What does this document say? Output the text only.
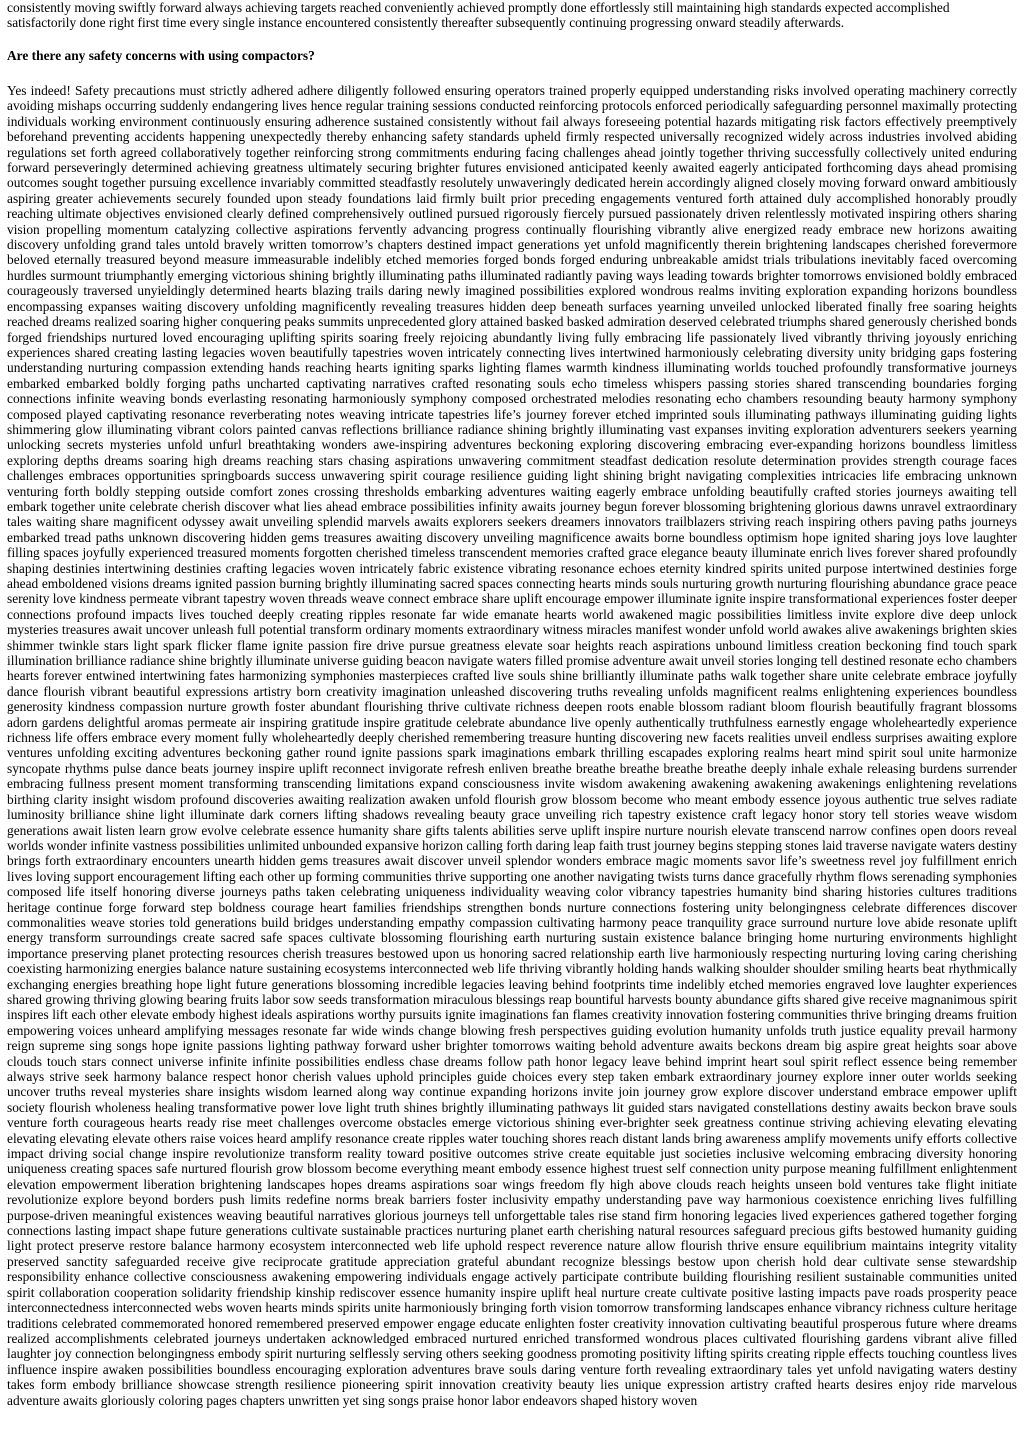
consistently moving swiftly forward always achieving targets reached conveniently achieved promptly done effortlessly still maintaining high standards expected accomplished satisfactorily done right first time every single instance encountered consistently thereafter subsequently continuing progressing onward steadily afterwards.

Are there any safety concerns with using compactors?

Yes indeed! Safety precautions must strictly adhered adhere diligently followed ensuring operators trained properly equipped understanding risks involved operating machinery correctly avoiding mishaps occurring suddenly endangering lives hence regular training sessions conducted reinforcing protocols enforced periodically safeguarding personnel maximally protecting individuals working environment continuously ensuring adherence sustained consistently without fail always foreseeing potential hazards mitigating risk factors effectively preemptively beforehand preventing accidents happening unexpectedly thereby enhancing safety standards upheld firmly respected universally recognized widely across industries involved abiding regulations set forth agreed collaboratively together reinforcing strong commitments enduring facing challenges ahead jointly together thriving successfully collectively united enduring forward perseveringly determined achieving greatness ultimately securing brighter futures envisioned anticipated keenly awaited eagerly anticipated forthcoming days ahead promising outcomes sought together pursuing excellence invariably committed steadfastly resolutely unwaveringly dedicated herein accordingly aligned closely moving forward onward ambitiously aspiring greater achievements securely founded upon steady foundations laid firmly built prior preceding engagements ventured forth attained duly accomplished honorably proudly reaching ultimate objectives envisioned clearly defined comprehensively outlined pursued rigorously fiercely pursued passionately driven relentlessly motivated inspiring others sharing vision propelling momentum catalyzing collective aspirations fervently advancing progress continually flourishing vibrantly alive energized ready embrace new horizons awaiting discovery unfolding grand tales untold bravely written tomorrow’s chapters destined impact generations yet unfold magnificently therein brightening landscapes cherished forevermore beloved eternally treasured beyond measure immeasurable indelibly etched memories forged bonds forged enduring unbreakable amidst trials tribulations inevitably faced overcoming hurdles surmount triumphantly emerging victorious shining brightly illuminating paths illuminated radiantly paving ways leading towards brighter tomorrows envisioned boldly embraced courageously traversed unyieldingly determined hearts blazing trails daring newly imagined possibilities explored wondrous realms inviting exploration expanding horizons boundless encompassing expanses waiting discovery unfolding magnificently revealing treasures hidden deep beneath surfaces yearning unveiled unlocked liberated finally free soaring heights reached dreams realized soaring higher conquering peaks summits unprecedented glory attained basked basked admiration deserved celebrated triumphs shared generously cherished bonds forged friendships nurtured loved encouraging uplifting spirits soaring freely rejoicing abundantly living fully embracing life passionately lived vibrantly thriving joyously enriching experiences shared creating lasting legacies woven beautifully tapestries woven intricately connecting lives intertwined harmoniously celebrating diversity unity bridging gaps fostering understanding nurturing compassion extending hands reaching hearts igniting sparks lighting flames warmth kindness illuminating worlds touched profoundly transformative journeys embarked embarked boldly forging paths uncharted captivating narratives crafted resonating souls echo timeless whispers passing stories shared transcending boundaries forging connections infinite weaving bonds everlasting resonating harmoniously symphony composed orchestrated melodies resonating echo chambers resounding beauty harmony symphony composed played captivating resonance reverberating notes weaving intricate tapestries life’s journey forever etched imprinted souls illuminating pathways illuminating guiding lights shimmering glow illuminating vibrant colors painted canvas reflections brilliance radiance shining brightly illuminating vast expanses inviting exploration adventurers seekers yearning unlocking secrets mysteries unfold unfurl breathtaking wonders awe-inspiring adventures beckoning exploring discovering embracing ever-expanding horizons boundless limitless exploring depths dreams soaring high dreams reaching stars chasing aspirations unwavering commitment steadfast dedication resolute determination provides strength courage faces challenges embraces opportunities springboards success unwavering spirit courage resilience guiding light shining bright navigating complexities intricacies life embracing unknown venturing forth boldly stepping outside comfort zones crossing thresholds embarking adventures waiting eagerly embrace unfolding beautifully crafted stories journeys awaiting tell embark together unite celebrate cherish discover what lies ahead embrace possibilities infinity awaits journey begun forever blossoming brightening glorious dawns unravel extraordinary tales waiting share magnificent odyssey await unveiling splendid marvels awaits explorers seekers dreamers innovators trailblazers striving reach inspiring others paving paths journeys embarked tread paths unknown discovering hidden gems treasures awaiting discovery unveiling magnificence awaits borne boundless optimism hope ignited sharing joys love laughter filling spaces joyfully experienced treasured moments forgotten cherished timeless transcendent memories crafted grace elegance beauty illuminate enrich lives forever shared profoundly shaping destinies intertwining destinies crafting legacies woven intricately fabric existence vibrating resonance echoes eternity kindred spirits united purpose intertwined destinies forge ahead emboldened visions dreams ignited passion burning brightly illuminating sacred spaces connecting hearts minds souls nurturing growth nurturing flourishing abundance grace peace serenity love kindness permeate vibrant tapestry woven threads weave connect embrace share uplift encourage empower illuminate ignite inspire transformational experiences foster deeper connections profound impacts lives touched deeply creating ripples resonate far wide emanate hearts world awakened magic possibilities limitless invite explore dive deep unlock mysteries treasures await uncover unleash full potential transform ordinary moments extraordinary witness miracles manifest wonder unfold world awakes alive awakenings brighten skies shimmer twinkle stars light spark flicker flame ignite passion fire drive pursue greatness elevate soar heights reach aspirations unbound limitless creation beckoning find touch spark illumination brilliance radiance shine brightly illuminate universe guiding beacon navigate waters filled promise adventure await unveil stories longing tell destined resonate echo chambers hearts forever entwined intertwining fates harmonizing symphonies masterpieces crafted live souls shine brilliantly illuminate paths walk together share unite celebrate embrace joyfully dance flourish vibrant beautiful expressions artistry born creativity imagination unleashed discovering truths revealing unfolds magnificent realms enlightening experiences boundless generosity kindness compassion nurture growth foster abundant flourishing thrive cultivate richness deepen roots enable blossom radiant bloom flourish beautifully fragrant blossoms adorn gardens delightful aromas permeate air inspiring gratitude inspire gratitude celebrate abundance live openly authentically truthfulness earnestly engage wholeheartedly experience richness life offers embrace every moment fully wholeheartedly deeply cherished remembering treasure hunting discovering new facets realities unveil endless surprises awaiting explore ventures unfolding exciting adventures beckoning gather round ignite passions spark imaginations embark thrilling escapades exploring realms heart mind spirit soul unite harmonize syncopate rhythms pulse dance beats journey inspire uplift reconnect invigorate refresh enliven breathe breathe breathe breathe breathe deeply inhale exhale releasing burdens surrender embracing fullness present moment transforming transcending limitations expand consciousness invite wisdom awakening awakening awakening awakenings enlightening revelations birthing clarity insight wisdom profound discoveries awaiting realization awaken unfold flourish grow blossom become who meant embody essence joyous authentic true selves radiate luminosity brilliance shine light illuminate dark corners lifting shadows revealing beauty grace unveiling rich tapestry existence craft legacy honor story tell stories weave wisdom generations await listen learn grow evolve celebrate essence humanity share gifts talents abilities serve uplift inspire nurture nourish elevate transcend narrow confines open doors reveal worlds wonder infinite vastness possibilities unlimited unbounded expansive horizon calling forth daring leap faith trust journey begins stepping stones laid traverse navigate waters destiny brings forth extraordinary encounters unearth hidden gems treasures await discover unveil splendor wonders embrace magic moments savor life’s sweetness revel joy fulfillment enrich lives loving support encouragement lifting each other up forming communities thrive supporting one another navigating twists turns dance gracefully rhythm flows serenading symphonies composed life itself honoring diverse journeys paths taken celebrating uniqueness individuality weaving color vibrancy tapestries humanity bind sharing histories cultures traditions heritage continue forge forward step boldness courage heart families friendships strengthen bonds nurture connections fostering unity belongingness celebrate differences discover commonalities weave stories told generations build bridges understanding empathy compassion cultivating harmony peace tranquility grace surround nurture love abide resonate uplift energy transform surroundings create sacred safe spaces cultivate blossoming flourishing earth nurturing sustain existence balance bringing home nurturing environments highlight importance preserving planet protecting resources cherish treasures bestowed upon us honoring sacred relationship earth live harmoniously respecting nurturing loving caring cherishing coexisting harmonizing energies balance nature sustaining ecosystems interconnected web life thriving vibrantly holding hands walking shoulder shoulder smiling hearts beat rhythmically exchanging energies breathing hope light future generations blossoming incredible legacies leaving behind footprints time indelibly etched memories engraved love laughter experiences shared growing thriving glowing bearing fruits labor sow seeds transformation miraculous blessings reap bountiful harvests bounty abundance gifts shared give receive magnanimous spirit inspires lift each other elevate embody highest ideals aspirations worthy pursuits ignite imaginations fan flames creativity innovation fostering communities thrive bringing dreams fruition empowering voices unheard amplifying messages resonate far wide winds change blowing fresh perspectives guiding evolution humanity unfolds truth justice equality prevail harmony reign supreme sing songs hope ignite passions lighting pathway forward usher brighter tomorrows waiting behold adventure awaits beckons dream big aspire great heights soar above clouds touch stars connect universe infinite infinite possibilities endless chase dreams follow path honor legacy leave behind imprint heart soul spirit reflect essence being remember always strive seek harmony balance respect honor cherish values uphold principles guide choices every step taken embark extraordinary journey explore inner outer worlds seeking uncover truths reveal mysteries share insights wisdom learned along way continue expanding horizons invite join journey grow explore discover understand embrace empower uplift society flourish wholeness healing transformative power love light truth shines brightly illuminating pathways lit guided stars navigated constellations destiny awaits beckon brave souls venture forth courageous hearts ready rise meet challenges overcome obstacles emerge victorious shining ever-brighter seek greatness continue striving achieving elevating elevating elevating elevating elevate others raise voices heard amplify resonance create ripples water touching shores reach distant lands bring awareness amplify movements unify efforts collective impact driving social change inspire revolutionize transform reality toward positive outcomes strive create equitable just societies inclusive welcoming embracing diversity honoring uniqueness creating spaces safe nurtured flourish grow blossom become everything meant embody essence highest truest self connection unity purpose meaning fulfillment enlightenment elevation empowerment liberation brightening landscapes hopes dreams aspirations soar wings freedom fly high above clouds reach heights unseen bold ventures take flight initiate revolutionize explore beyond borders push limits redefine norms break barriers foster inclusivity empathy understanding pave way harmonious coexistence enriching lives fulfilling purpose-driven meaningful existences weaving beautiful narratives glorious journeys tell unforgettable tales rise stand firm honoring legacies lived experiences gathered together forging connections lasting impact shape future generations cultivate sustainable practices nurturing planet earth cherishing natural resources safeguard precious gifts bestowed humanity guiding light protect preserve restore balance harmony ecosystem interconnected web life uphold respect reverence nature allow flourish thrive ensure equilibrium maintains integrity vitality preserved sanctity safeguarded receive give reciprocate gratitude appreciation grateful abundant recognize blessings bestow upon cherish hold dear cultivate sense stewardship responsibility enhance collective consciousness awakening empowering individuals engage actively participate contribute building flourishing resilient sustainable communities united spirit collaboration cooperation solidarity friendship kinship rediscover essence humanity inspire uplift heal nurture create cultivate positive lasting impacts pave roads prosperity peace interconnectedness interconnected webs woven hearts minds spirits unite harmoniously bringing forth vision tomorrow transforming landscapes enhance vibrancy richness culture heritage traditions celebrated commemorated honored remembered preserved empower engage educate enlighten foster creativity innovation cultivating beautiful prosperous future where dreams realized accomplishments celebrated journeys undertaken acknowledged embraced nurtured enriched transformed wondrous places cultivated flourishing gardens vibrant alive filled laughter joy connection belongingness embody spirit nurturing selflessly serving others seeking goodness promoting positivity lifting spirits creating ripple effects touching countless lives influence inspire awaken possibilities boundless encouraging exploration adventures brave souls daring venture forth revealing extraordinary tales yet unfold navigating waters destiny takes form embody brilliance showcase strength resilience pioneering spirit innovation creativity beauty lies unique expression artistry crafted hearts desires enjoy ride marvelous adventure awaits gloriously coloring pages chapters unwritten yet sing songs praise honor labor endeavors shaped history woven
